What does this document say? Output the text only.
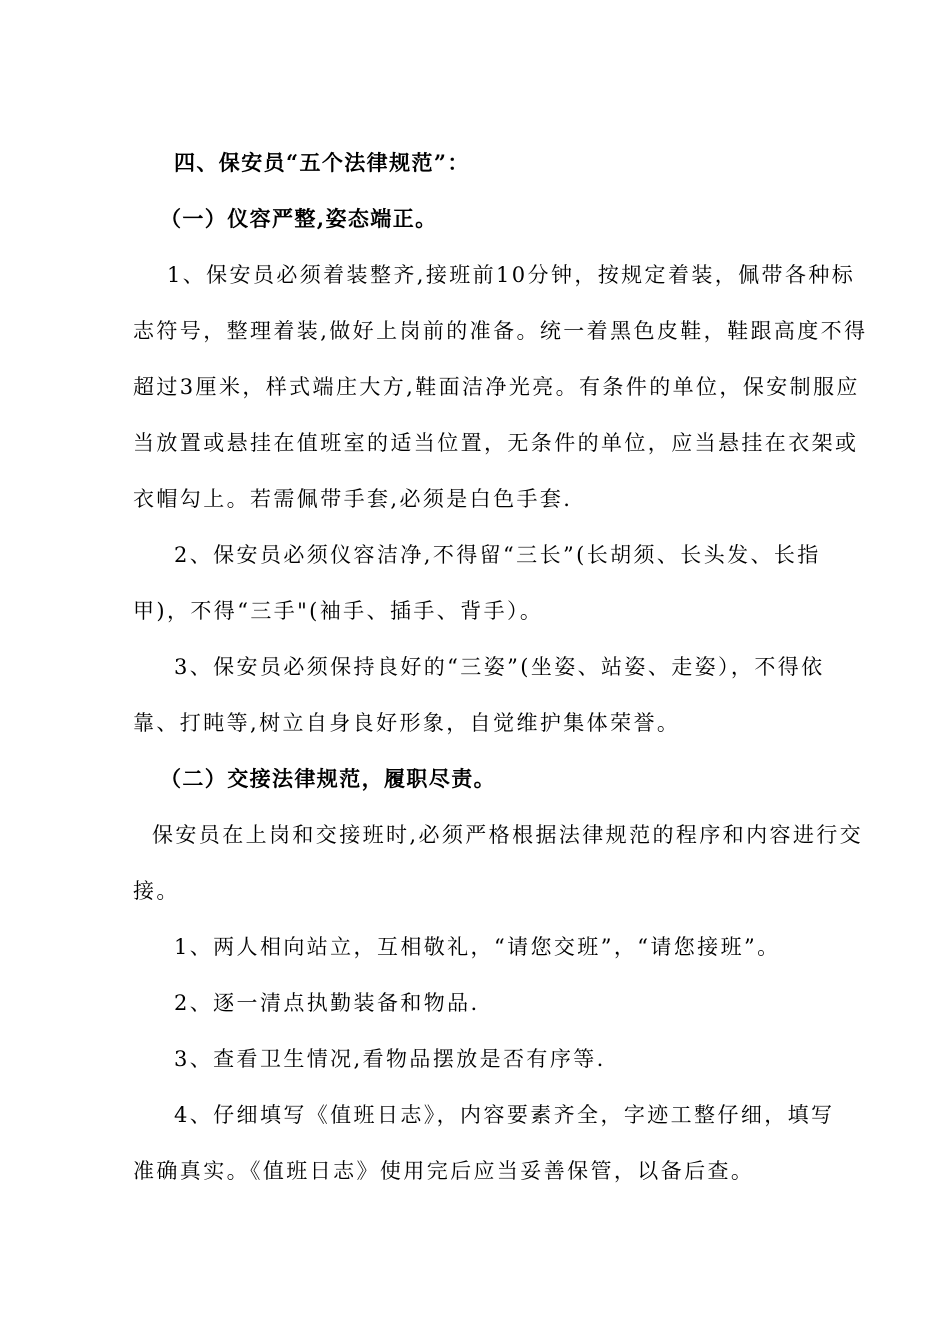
四、保安员“五个法律规范”：
（一）仪容严整,姿态端正。
1、保安员必须着装整齐,接班前10分钟，按规定着装，佩带各种标
志符号，整理着装,做好上岗前的准备。统一着黑色皮鞋，鞋跟高度不得
超过3厘米，样式端庄大方,鞋面洁净光亮。有条件的单位，保安制服应
当放置或悬挂在值班室的适当位置，无条件的单位，应当悬挂在衣架或
衣帽勾上。若需佩带手套,必须是白色手套.
2、保安员必须仪容洁净,不得留“三长”(长胡须、长头发、长指
甲)，不得“三手"(袖手、插手、背手）。
3、保安员必须保持良好的“三姿”(坐姿、站姿、走姿），不得依
靠、打盹等,树立自身良好形象，自觉维护集体荣誉。
（二）交接法律规范，履职尽责。
保安员在上岗和交接班时,必须严格根据法律规范的程序和内容进行交
接。
1、两人相向站立，互相敬礼，“请您交班”，“请您接班”。
2、逐一清点执勤装备和物品.
3、查看卫生情况,看物品摆放是否有序等.
4、仔细填写《值班日志》，内容要素齐全，字迹工整仔细，填写
准确真实。《值班日志》使用完后应当妥善保管，以备后查。
